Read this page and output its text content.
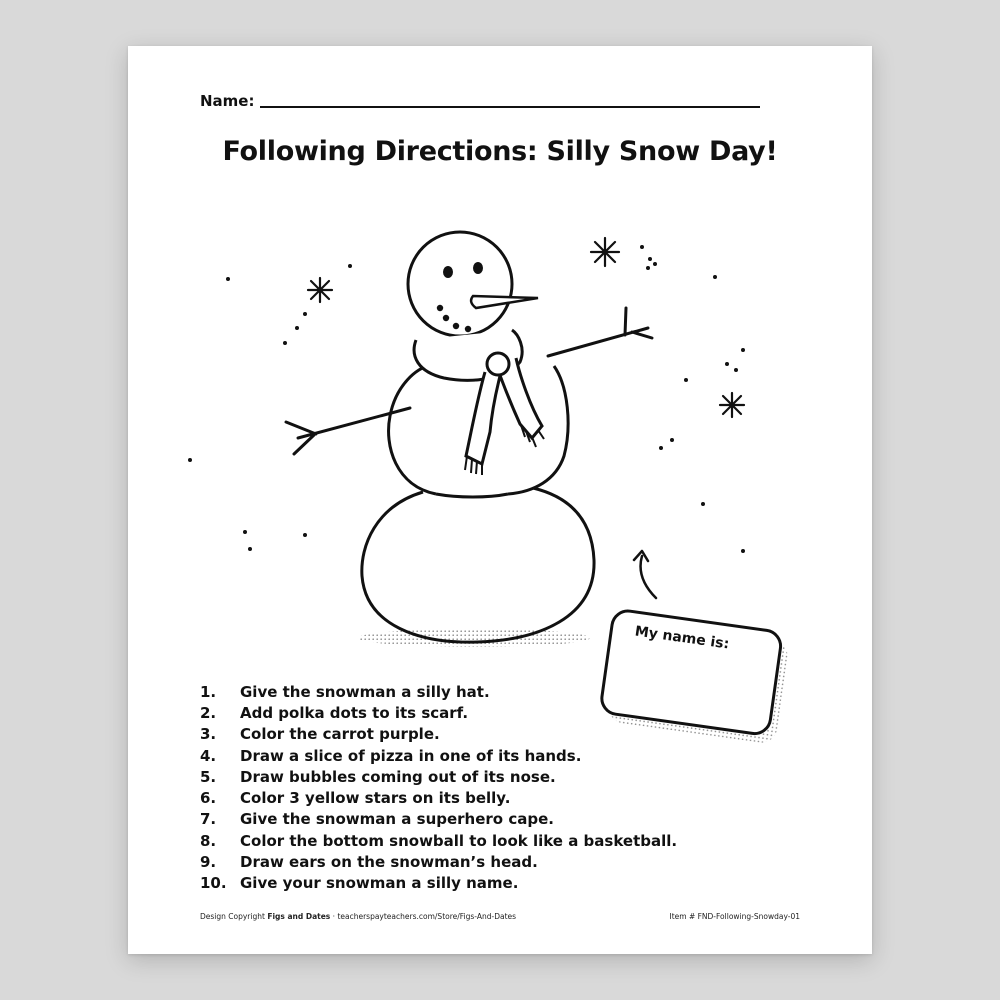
Name:
Following Directions: Silly Snow Day!
My name is:
1.	Give the snowman a silly hat.
2.	Add polka dots to its scarf.
3.	Color the carrot purple.
4.	Draw a slice of pizza in one of its hands.
5.	Draw bubbles coming out of its nose.
6.	Color 3 yellow stars on its belly.
7.	Give the snowman a superhero cape.
8.	Color the bottom snowball to look like a basketball.
9.	Draw ears on the snowman’s head.
10. Give your snowman a silly name.
Design Copyright Figs and Dates · teacherspayteachers.com/Store/Figs-And-Dates	Item # FND-Following-Snowday-01
